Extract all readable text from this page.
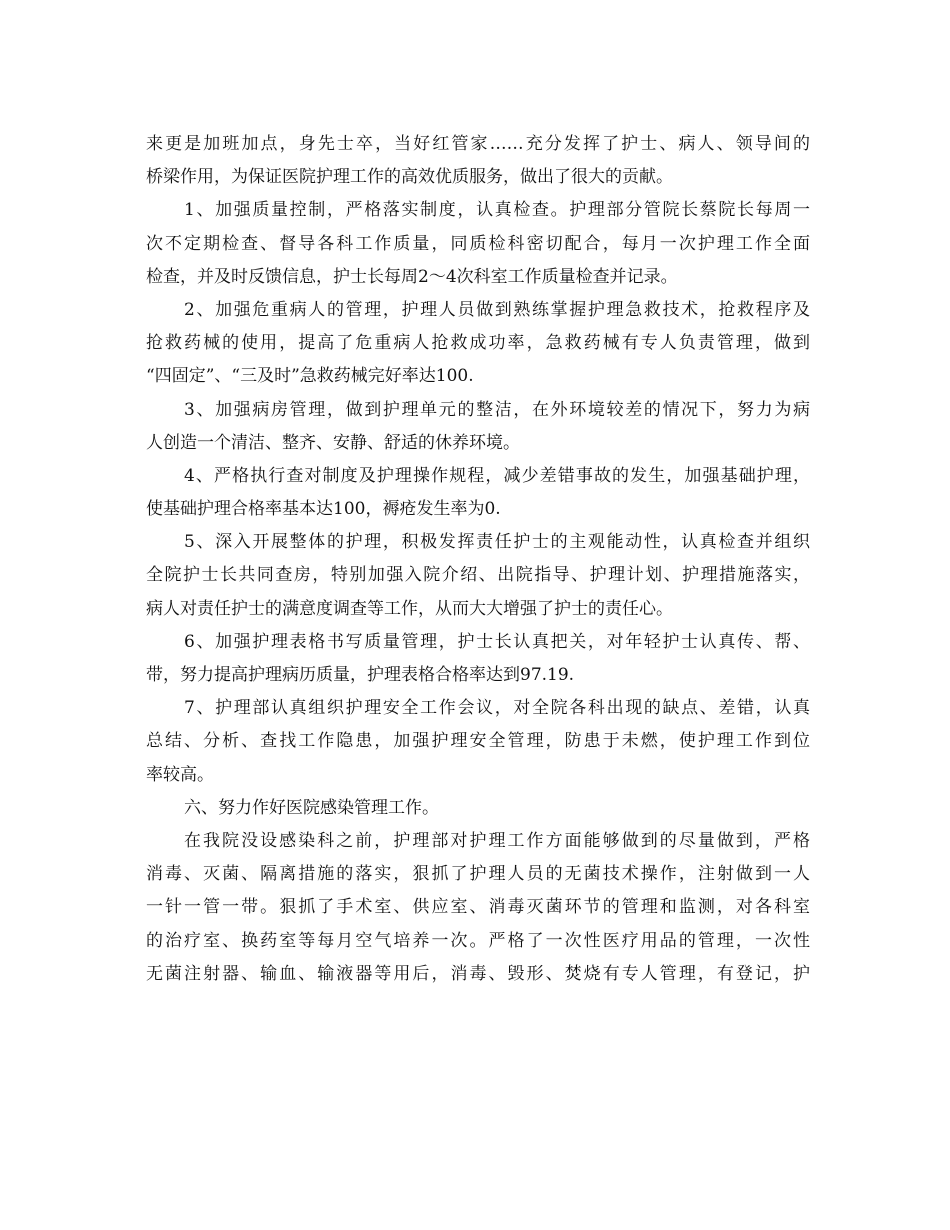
来更是加班加点，身先士卒，当好红管家……充分发挥了护士、病人、领导间的
桥梁作用，为保证医院护理工作的高效优质服务，做出了很大的贡献。
1、加强质量控制，严格落实制度，认真检查。护理部分管院长蔡院长每周一
次不定期检查、督导各科工作质量，同质检科密切配合，每月一次护理工作全面
检查，并及时反馈信息，护士长每周2～4次科室工作质量检查并记录。
2、加强危重病人的管理，护理人员做到熟练掌握护理急救技术，抢救程序及
抢救药械的使用，提高了危重病人抢救成功率，急救药械有专人负责管理，做到
“四固定”、“三及时”急救药械完好率达100.
3、加强病房管理，做到护理单元的整洁，在外环境较差的情况下，努力为病
人创造一个清洁、整齐、安静、舒适的休养环境。
4、严格执行查对制度及护理操作规程，减少差错事故的发生，加强基础护理，
使基础护理合格率基本达100，褥疮发生率为0.
5、深入开展整体的护理，积极发挥责任护士的主观能动性，认真检查并组织
全院护士长共同查房，特别加强入院介绍、出院指导、护理计划、护理措施落实，
病人对责任护士的满意度调查等工作，从而大大增强了护士的责任心。
6、加强护理表格书写质量管理，护士长认真把关，对年轻护士认真传、帮、
带，努力提高护理病历质量，护理表格合格率达到97.19.
7、护理部认真组织护理安全工作会议，对全院各科出现的缺点、差错，认真
总结、分析、查找工作隐患，加强护理安全管理，防患于未燃，使护理工作到位
率较高。
六、努力作好医院感染管理工作。
在我院没设感染科之前，护理部对护理工作方面能够做到的尽量做到，严格
消毒、灭菌、隔离措施的落实，狠抓了护理人员的无菌技术操作，注射做到一人
一针一管一带。狠抓了手术室、供应室、消毒灭菌环节的管理和监测，对各科室
的治疗室、换药室等每月空气培养一次。严格了一次性医疗用品的管理，一次性
无菌注射器、输血、输液器等用后，消毒、毁形、焚烧有专人管理，有登记，护
